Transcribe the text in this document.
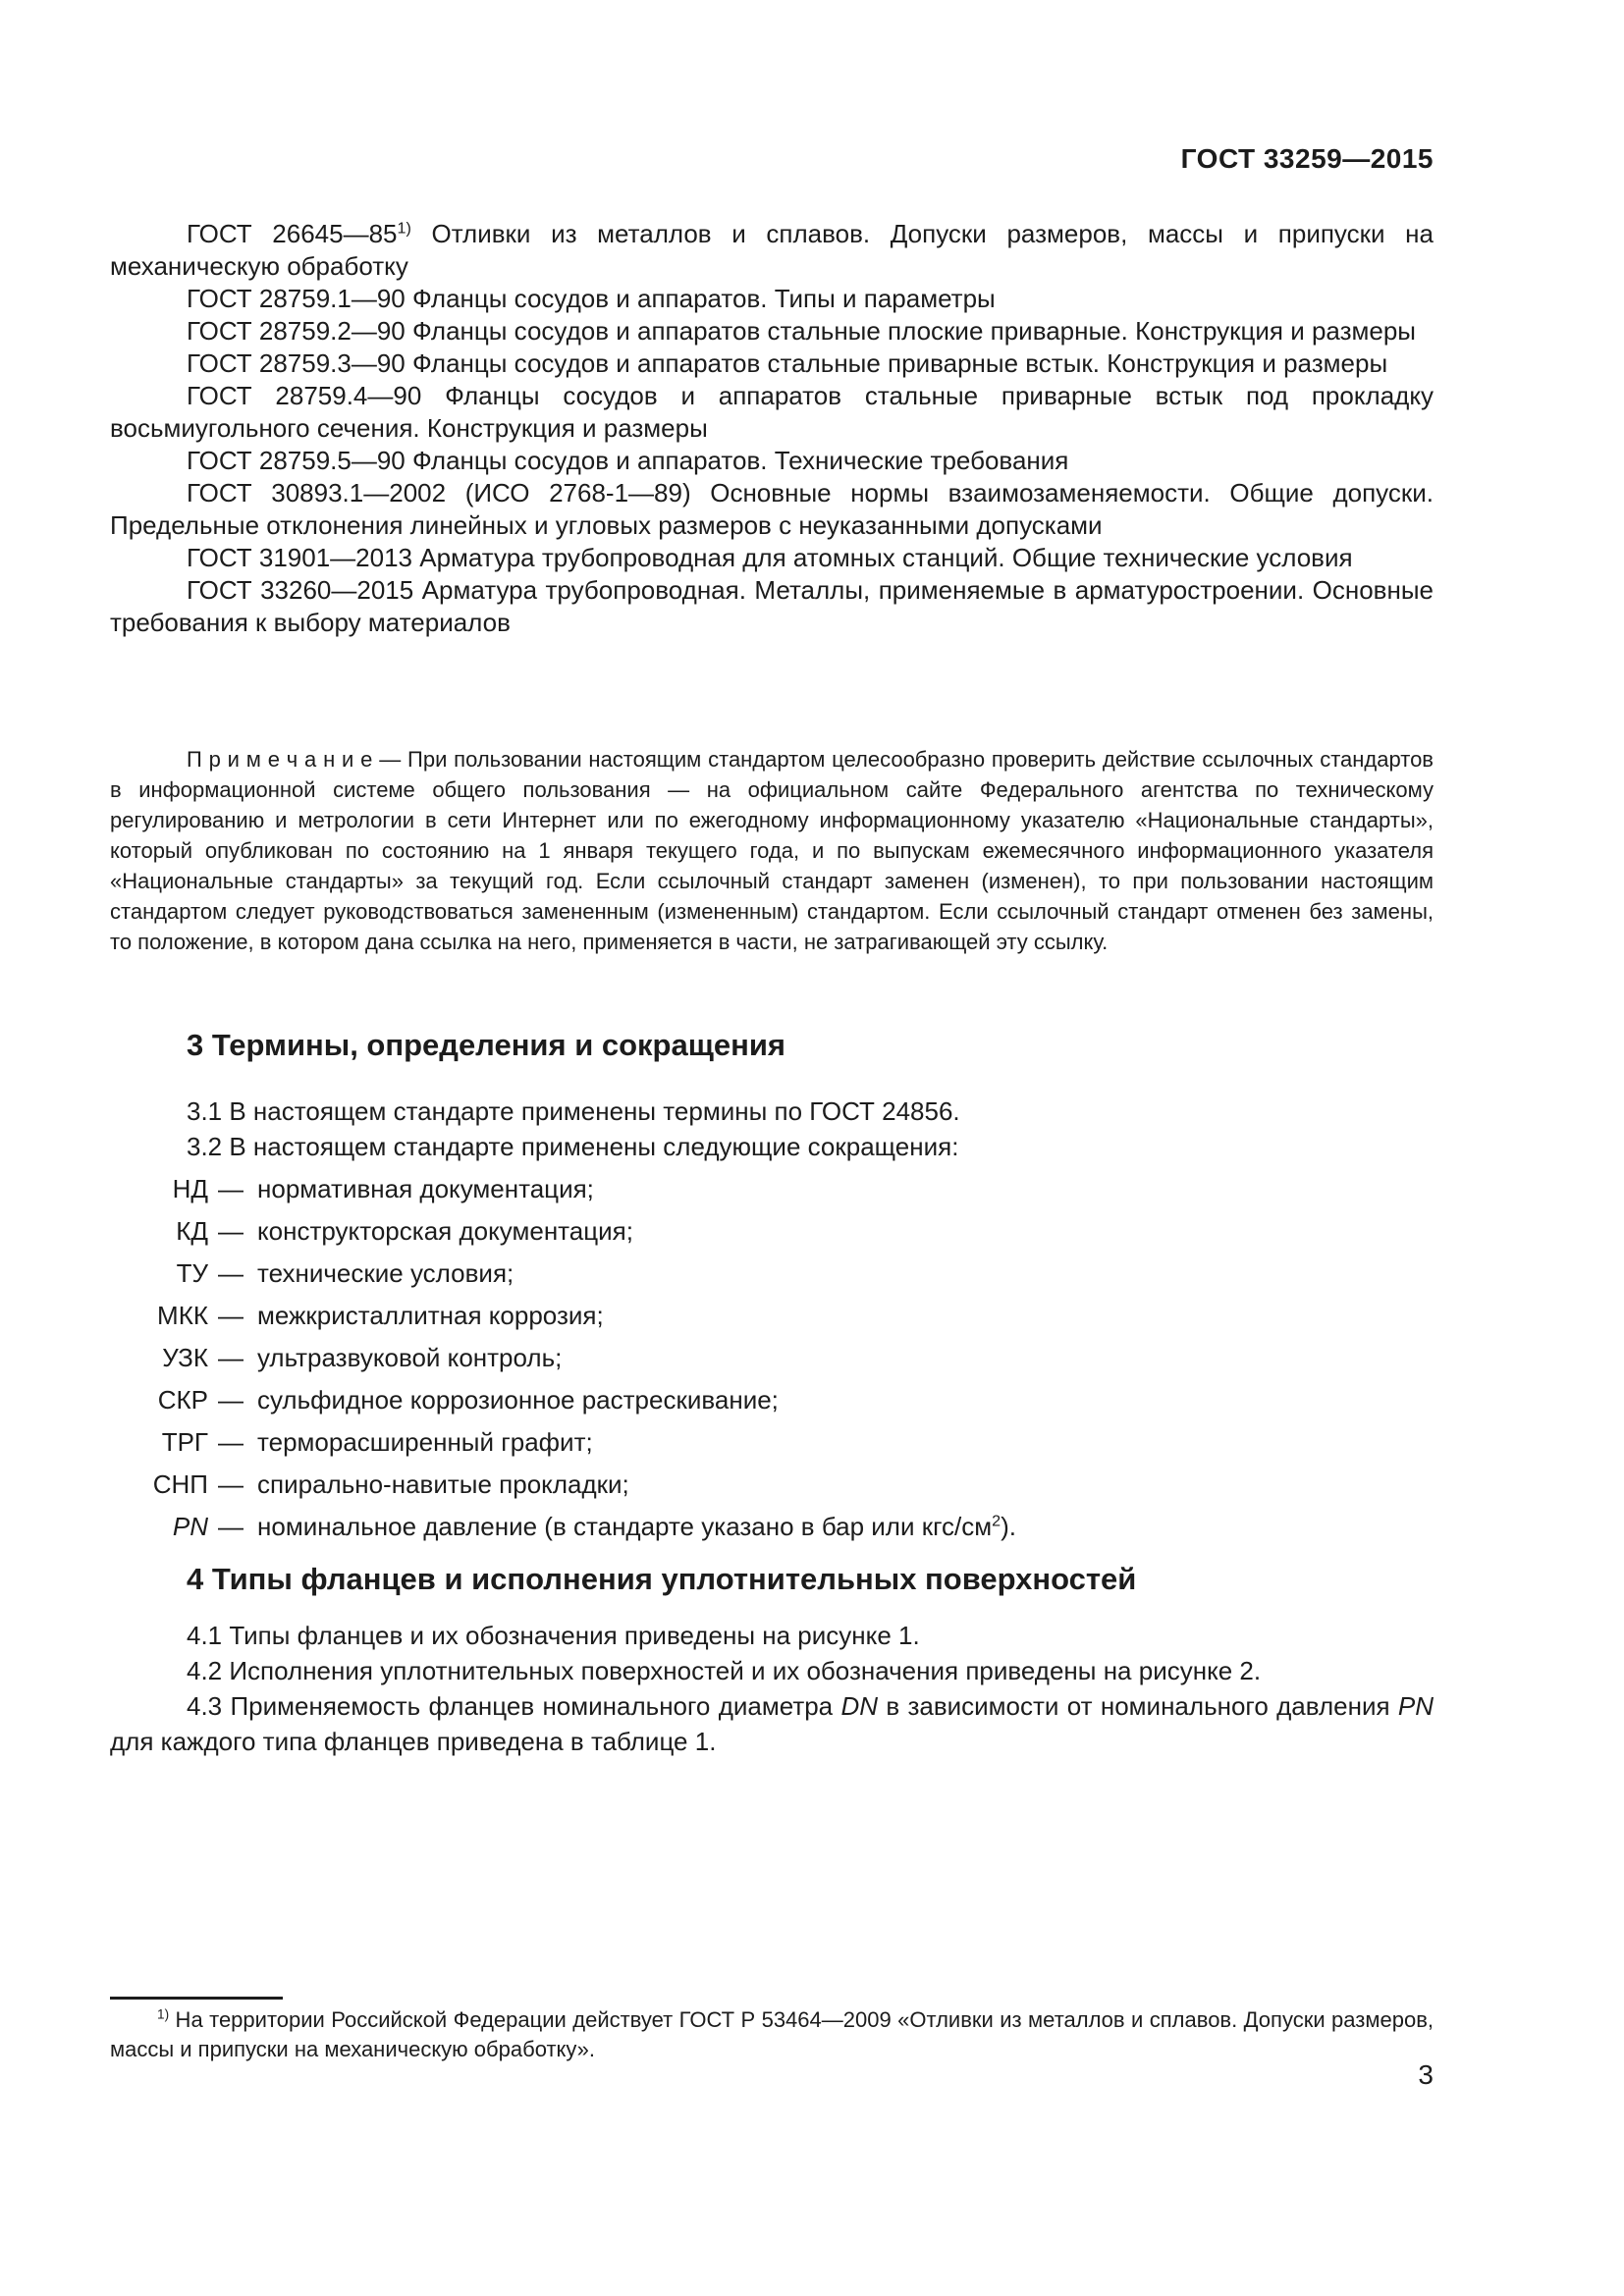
ГОСТ 33259—2015

ГОСТ 26645—85$^{1)}$ Отливки из металлов и сплавов. Допуски размеров, массы и припуски на механическую обработку

ГОСТ 28759.1—90 Фланцы сосудов и аппаратов. Типы и параметры

ГОСТ 28759.2—90 Фланцы сосудов и аппаратов стальные плоские приварные. Конструкция и размеры

ГОСТ 28759.3—90 Фланцы сосудов и аппаратов стальные приварные встык. Конструкция и размеры

ГОСТ 28759.4—90 Фланцы сосудов и аппаратов стальные приварные встык под прокладку восьмиугольного сечения. Конструкция и размеры

ГОСТ 28759.5—90 Фланцы сосудов и аппаратов. Технические требования

ГОСТ 30893.1—2002 (ИСО 2768-1—89) Основные нормы взаимозаменяемости. Общие допуски. Предельные отклонения линейных и угловых размеров с неуказанными допусками

ГОСТ 31901—2013 Арматура трубопроводная для атомных станций. Общие технические условия

ГОСТ 33260—2015 Арматура трубопроводная. Металлы, применяемые в арматуростроении. Основные требования к выбору материалов

П р и м е ч а н и е — При пользовании настоящим стандартом целесообразно проверить действие ссылочных стандартов в информационной системе общего пользования — на официальном сайте Федерального агентства по техническому регулированию и метрологии в сети Интернет или по ежегодному информационному указателю «Национальные стандарты», который опубликован по состоянию на 1 января текущего года, и по выпускам ежемесячного информационного указателя «Национальные стандарты» за текущий год. Если ссылочный стандарт заменен (изменен), то при пользовании настоящим стандартом следует руководствоваться замененным (измененным) стандартом. Если ссылочный стандарт отменен без замены, то положение, в котором дана ссылка на него, применяется в части, не затрагивающей эту ссылку.
3 Термины, определения и сокращения

3.1 В настоящем стандарте применены термины по ГОСТ 24856.

3.2 В настоящем стандарте применены следующие сокращения:

НД — нормативная документация;
КД — конструкторская документация;
ТУ — технические условия;
МКК — межкристаллитная коррозия;
УЗК — ультразвуковой контроль;
СКР — сульфидное коррозионное растрескивание;
ТРГ — терморасширенный графит;
СНП — спирально-навитые прокладки;
PN — номинальное давление (в стандарте указано в бар или кгс/$см^2$).
4 Типы фланцев и исполнения уплотнительных поверхностей

4.1 Типы фланцев и их обозначения приведены на рисунке 1.

4.2 Исполнения уплотнительных поверхностей и их обозначения приведены на рисунке 2.

4.3 Применяемость фланцев номинального диаметра DN в зависимости от номинального давления PN для каждого типа фланцев приведена в таблице 1.

$^{1)}$ На территории Российской Федерации действует ГОСТ Р 53464—2009 «Отливки из металлов и сплавов. Допуски размеров, массы и припуски на механическую обработку».
3
